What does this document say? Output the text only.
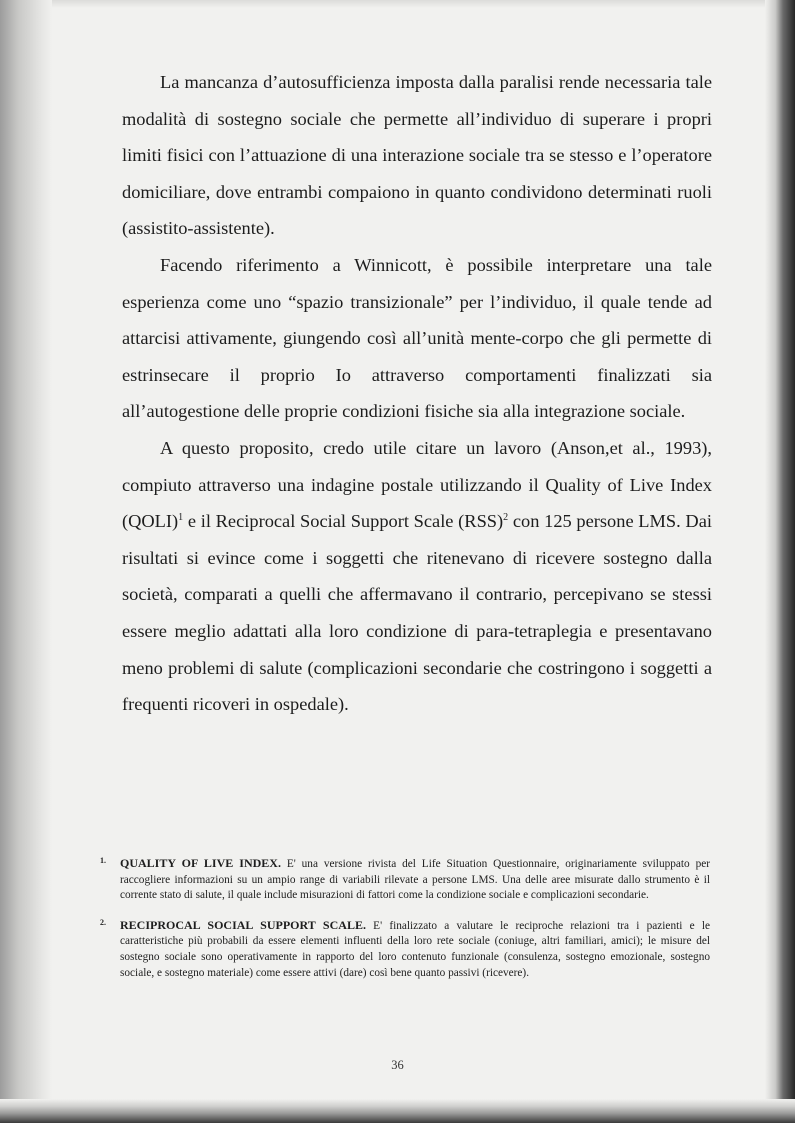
La mancanza d’autosufficienza imposta dalla paralisi rende necessaria tale modalità di sostegno sociale che permette all’individuo di superare i propri limiti fisici con l’attuazione di una interazione sociale tra se stesso e l’operatore domiciliare, dove entrambi compaiono in quanto condividono determinati ruoli (assistito-assistente).

Facendo riferimento a Winnicott, è possibile interpretare una tale esperienza come uno “spazio transizionale” per l’individuo, il quale tende ad attarcisi attivamente, giungendo così all’unità mente-corpo che gli permette di estrinsecare il proprio Io attraverso comportamenti finalizzati sia all’autogestione delle proprie condizioni fisiche sia alla integrazione sociale.

A questo proposito, credo utile citare un lavoro (Anson,et al., 1993), compiuto attraverso una indagine postale utilizzando il Quality of Live Index (QOLI)$^1$ e il Reciprocal Social Support Scale (RSS)$^2$ con 125 persone LMS. Dai risultati si evince come i soggetti che ritenevano di ricevere sostegno dalla società, comparati a quelli che affermavano il contrario, percepivano se stessi essere meglio adattati alla loro condizione di para-tetraplegia e presentavano meno problemi di salute (complicazioni secondarie che costringono i soggetti a frequenti ricoveri in ospedale).

1. QUALITY OF LIVE INDEX. E' una versione rivista del Life Situation Questionnaire, originariamente sviluppato per raccogliere informazioni su un ampio range di variabili rilevate a persone LMS. Una delle aree misurate dallo strumento è il corrente stato di salute, il quale include misurazioni di fattori come la condizione sociale e complicazioni secondarie.
2. RECIPROCAL SOCIAL SUPPORT SCALE. E' finalizzato a valutare le reciproche relazioni tra i pazienti e le caratteristiche più probabili da essere elementi influenti della loro rete sociale (coniuge, altri familiari, amici); le misure del sostegno sociale sono operativamente in rapporto del loro contenuto funzionale (consulenza, sostegno emozionale, sostegno sociale, e sostegno materiale) come essere attivi (dare) così bene quanto passivi (ricevere).
36
